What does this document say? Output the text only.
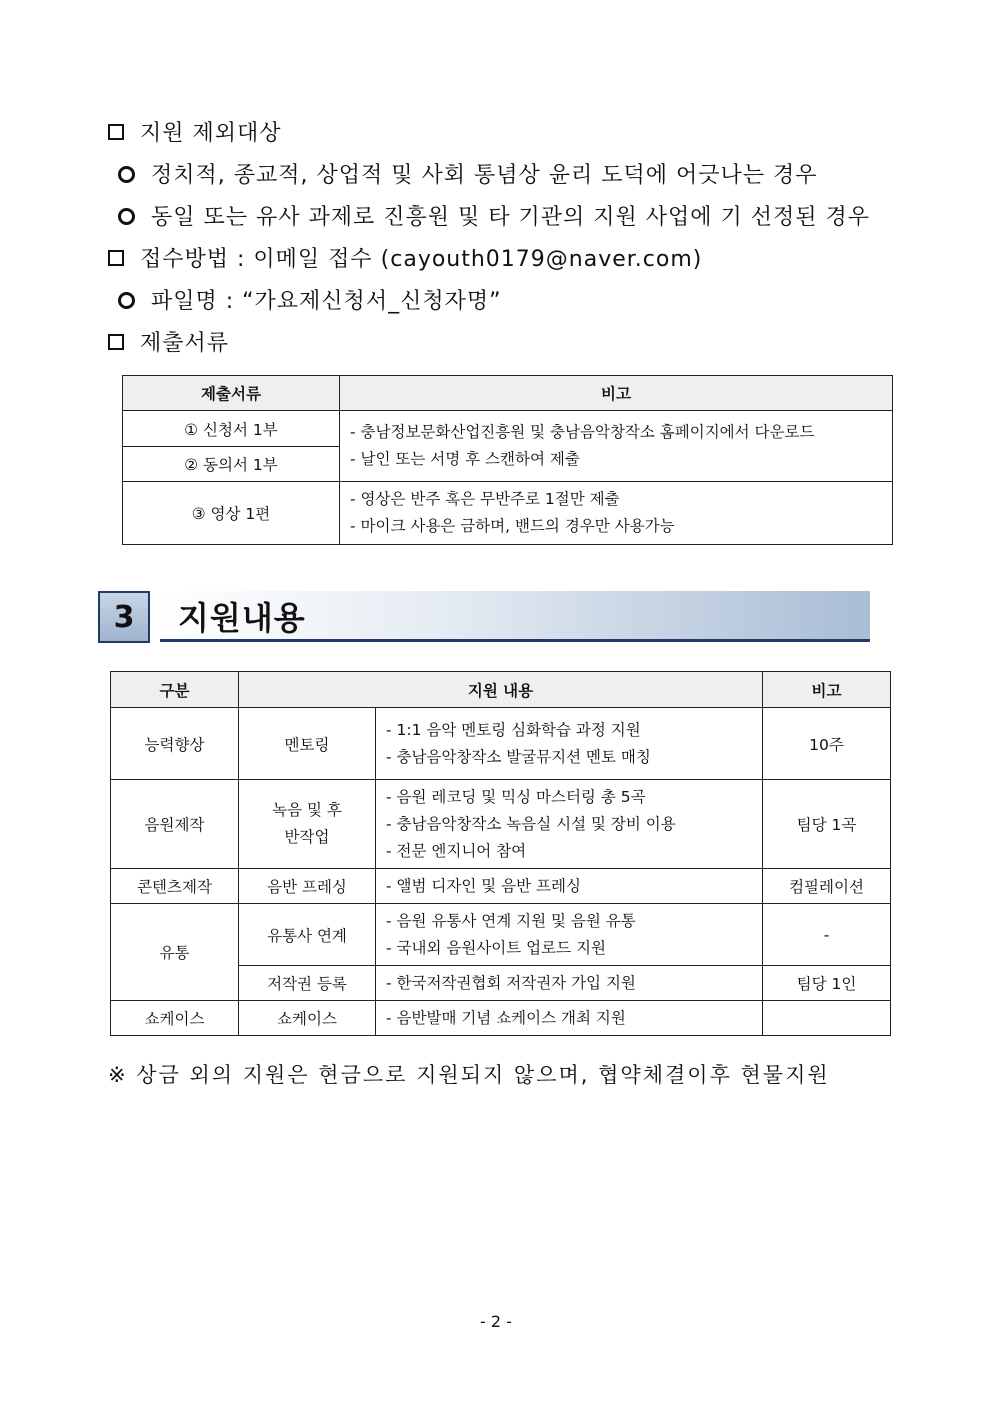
지원 제외대상
정치적, 종교적, 상업적 및 사회 통념상 윤리 도덕에 어긋나는 경우
동일 또는 유사 과제로 진흥원 및 타 기관의 지원 사업에 기 선정된 경우
접수방법 : 이메일 접수 (cayouth0179@naver.com)
파일명 : “가요제신청서_신청자명”
제출서류
제출서류	비고
① 신청서 1부	- 충남정보문화산업진흥원 및 충남음악창작소 홈페이지에서 다운로드
- 날인 또는 서명 후 스캔하여 제출

② 동의서 1부	
③ 영상 1편	- 영상은 반주 혹은 무반주로 1절만 제출
- 마이크 사용은 금하며, 밴드의 경우만 사용가능
3	지원내용
구분	지원 내용		비고
능력향상	멘토링	- 1:1 음악 멘토링 심화학습 과정 지원
- 충남음악창작소 발굴뮤지션 멘토 매칭	10주
음원제작	녹음 및 후반작업	- 음원 레코딩 및 믹싱 마스터링 총 5곡
- 충남음악창작소 녹음실 시설 및 장비 이용
- 전문 엔지니어 참여	팀당 1곡
콘텐츠제작	음반 프레싱	- 앨범 디자인 및 음반 프레싱	컴필레이션
유통	유통사 연계	- 음원 유통사 연계 지원 및 음원 유통
- 국내외 음원사이트 업로드 지원	-
	저작권 등록	- 한국저작권협회 저작권자 가입 지원	팀당 1인
쇼케이스	쇼케이스	- 음반발매 기념 쇼케이스 개최 지원	

※ 상금 외의 지원은 현금으로 지원되지 않으며, 협약체결이후 현물지원
- 2 -
